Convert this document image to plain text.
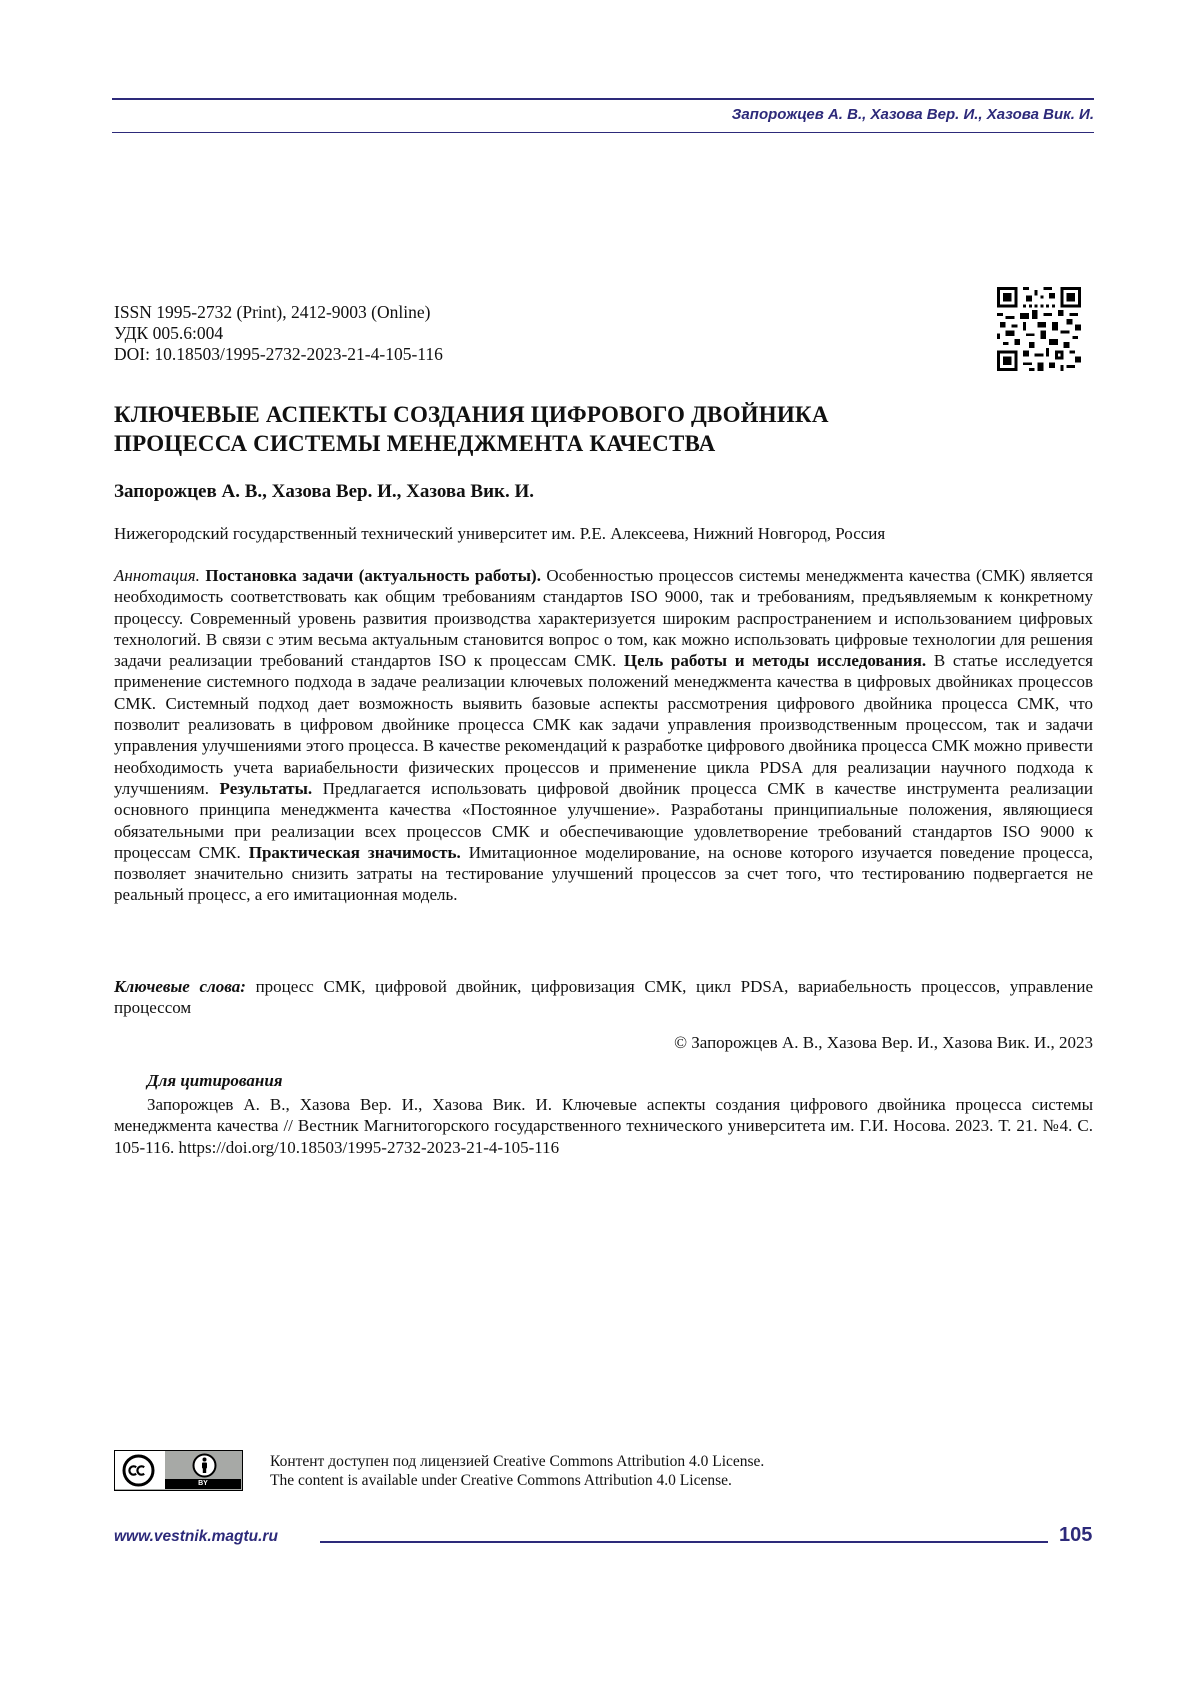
Запорожцев А. В., Хазова Вер. И., Хазова Вик. И.
ISSN 1995-2732 (Print), 2412-9003 (Online)
УДК 005.6:004
DOI: 10.18503/1995-2732-2023-21-4-105-116
КЛЮЧЕВЫЕ АСПЕКТЫ СОЗДАНИЯ ЦИФРОВОГО ДВОЙНИКА
ПРОЦЕССА СИСТЕМЫ МЕНЕДЖМЕНТА КАЧЕСТВА
Запорожцев А. В., Хазова Вер. И., Хазова Вик. И.
Нижегородский государственный технический университет им. Р.Е. Алексеева, Нижний Новгород, Россия
Аннотация. Постановка задачи (актуальность работы). Особенностью процессов системы менеджмента качества (СМК) является необходимость соответствовать как общим требованиям стандартов ISO 9000, так и требованиям, предъявляемым к конкретному процессу. Современный уровень развития производства характеризуется широким распространением и использованием цифровых технологий. В связи с этим весьма актуальным становится вопрос о том, как можно использовать цифровые технологии для решения задачи реализации требований стандартов ISO к процессам СМК. Цель работы и методы исследования. В статье исследуется применение системного подхода в задаче реализации ключевых положений менеджмента качества в цифровых двойниках процессов СМК. Системный подход дает возможность выявить базовые аспекты рассмотрения цифрового двойника процесса СМК, что позволит реализовать в цифровом двойнике процесса СМК как задачи управления производственным процессом, так и задачи управления улучшениями этого процесса. В качестве рекомендаций к разработке цифрового двойника процесса СМК можно привести необходимость учета вариабельности физических процессов и применение цикла PDSA для реализации научного подхода к улучшениям. Результаты. Предлагается использовать цифровой двойник процесса СМК в качестве инструмента реализации основного принципа менеджмента качества «Постоянное улучшение». Разработаны принципиальные положения, являющиеся обязательными при реализации всех процессов СМК и обеспечивающие удовлетворение требований стандартов ISO 9000 к процессам СМК. Практическая значимость. Имитационное моделирование, на основе которого изучается поведение процесса, позволяет значительно снизить затраты на тестирование улучшений процессов за счет того, что тестированию подвергается не реальный процесс, а его имитационная модель.
Ключевые слова: процесс СМК, цифровой двойник, цифровизация СМК, цикл PDSA, вариабельность процессов, управление процессом
© Запорожцев А. В., Хазова Вер. И., Хазова Вик. И., 2023
Для цитирования
Запорожцев А. В., Хазова Вер. И., Хазова Вик. И. Ключевые аспекты создания цифрового двойника процесса системы менеджмента качества // Вестник Магнитогорского государственного технического университета им. Г.И. Носова. 2023. Т. 21. №4. С. 105-116. https://doi.org/10.18503/1995-2732-2023-21-4-105-116
BY
Контент доступен под лицензией Creative Commons Attribution 4.0 License.
The content is available under Creative Commons Attribution 4.0 License.
www.vestnik.magtu.ru	105
